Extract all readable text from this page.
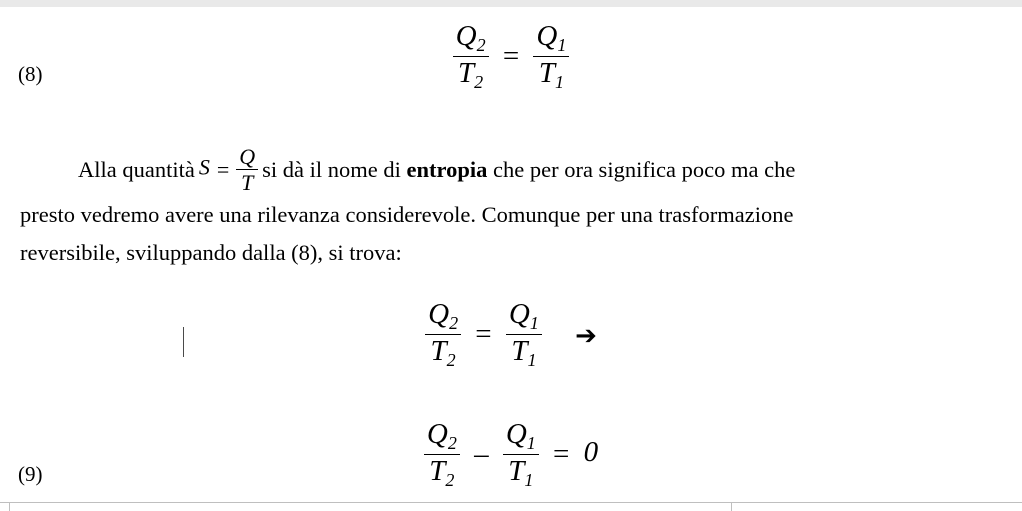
(8)	$\frac{Q_2}{T_2} = \frac{Q_1}{T_1}$
Alla quantità $S = \frac{Q}{T}$ si dà il nome di entropia che per ora significa poco ma che
presto vedremo avere una rilevanza considerevole. Comunque per una trasformazione
reversibile, sviluppando dalla (8), si trova:
$\frac{Q_2}{T_2} = \frac{Q_1}{T_1}$ ➔
(9)	$\frac{Q_2}{T_2} - \frac{Q_1}{T_1} = 0$
